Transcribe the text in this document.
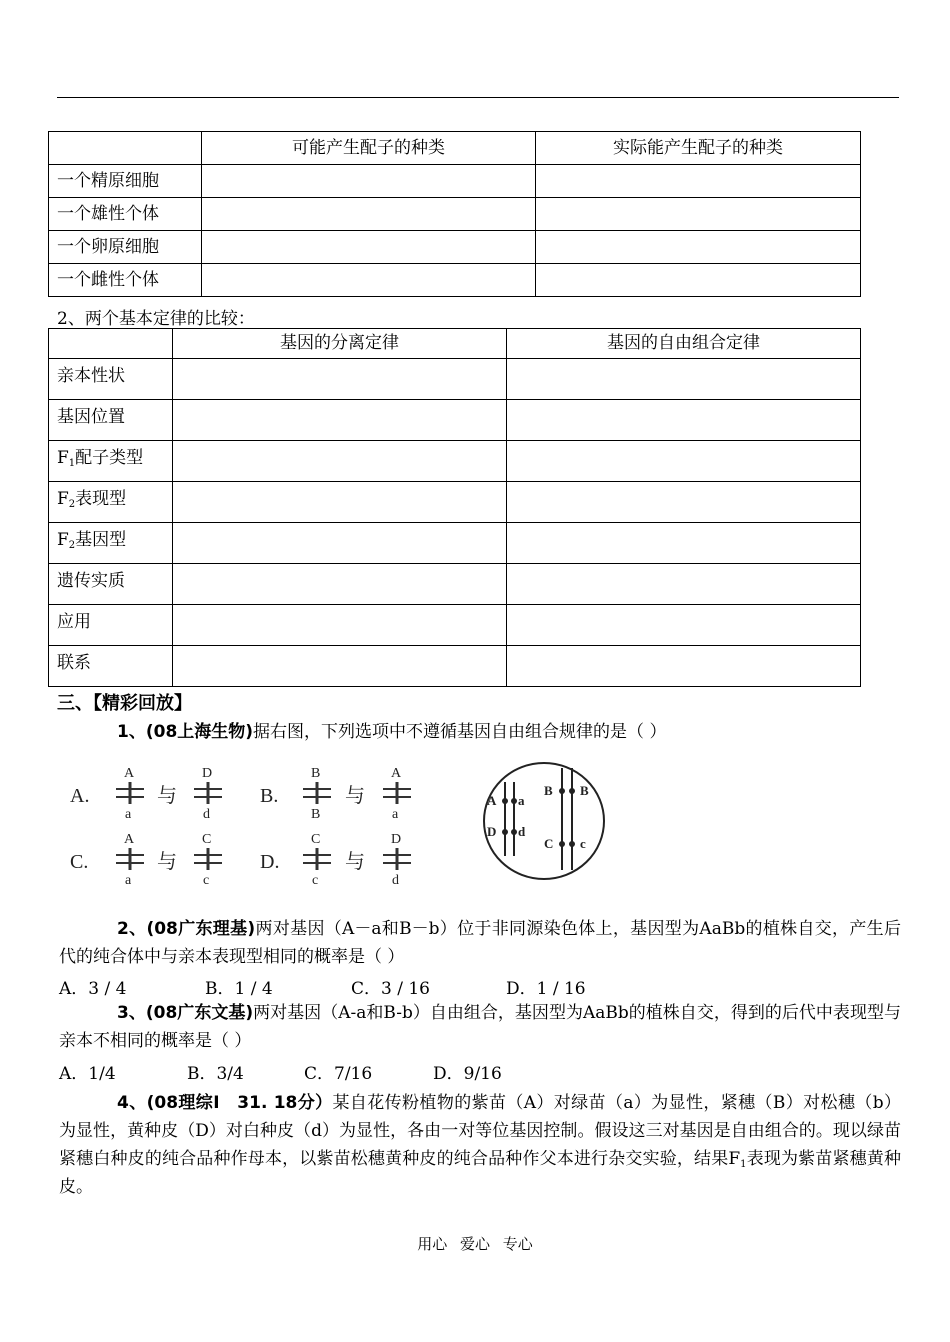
	可能产生配子的种类	实际能产生配子的种类
一个精原细胞		
一个雄性个体		
一个卵原细胞		
一个雌性个体		
2、两个基本定律的比较：
	基因的分离定律	基因的自由组合定律
亲本性状		
基因位置		
$F_1$配子类型		
$F_2$表现型		
$F_2$基因型		
遗传实质		
应用		
联系		
三、【精彩回放】
1、(08上海生物)据右图，下列选项中不遵循基因自由组合规律的是（ ）
A.
A
a
与
D
d
B.
B
B
与
A
a
C.
A
a
与
C
c
D.
C
c
与
D
d
A a
D d
B B
C c
2、(08广东理基)两对基因（A－a和B－b）位于非同源染色体上，基因型为AaBb的植株自交，产生后代的纯合体中与亲本表现型相同的概率是（ ）
A．3 / 4	B．1 / 4	C．3 / 16	D．1 / 16
3、(08广东文基)两对基因（A-a和B-b）自由组合，基因型为AaBb的植株自交，得到的后代中表现型与亲本不相同的概率是（ ）
A．1/4	B．3/4	C．7/16	D．9/16
4、(08理综Ⅰ　31. 18分）某自花传粉植物的紫苗（A）对绿苗（a）为显性，紧穗（B）对松穗（b）为显性，黄种皮（D）对白种皮（d）为显性，各由一对等位基因控制。假设这三对基因是自由组合的。现以绿苗紧穗白种皮的纯合品种作母本，以紫苗松穗黄种皮的纯合品种作父本进行杂交实验，结果$F_1$表现为紫苗紧穗黄种皮。
用心 爱心 专心
